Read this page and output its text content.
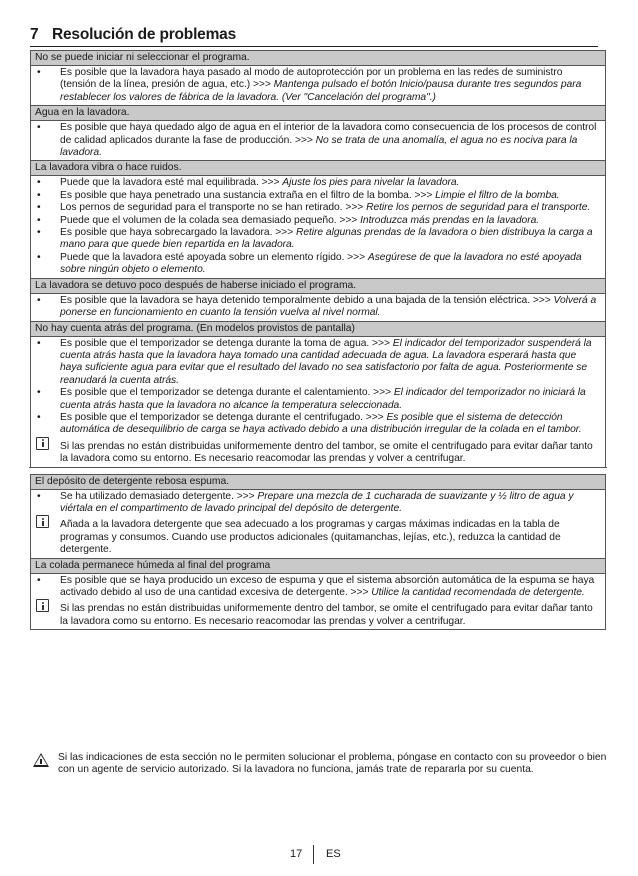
7 Resolución de problemas
No se puede iniciar ni seleccionar el programa.
• Es posible que la lavadora haya pasado al modo de autoprotección por un problema en las redes de suministro (tensión de la línea, presión de agua, etc.) >>> Mantenga pulsado el botón Inicio/pausa durante tres segundos para restablecer los valores de fábrica de la lavadora. (Ver "Cancelación del programa".)
Agua en la lavadora.
• Es posible que haya quedado algo de agua en el interior de la lavadora como consecuencia de los procesos de control de calidad aplicados durante la fase de producción. >>> No se trata de una anomalía, el agua no es nociva para la lavadora.
La lavadora vibra o hace ruidos.
• Puede que la lavadora esté mal equilibrada. >>> Ajuste los pies para nivelar la lavadora.
• Es posible que haya penetrado una sustancia extraña en el filtro de la bomba. >>> Limpie el filtro de la bomba.
• Los pernos de seguridad para el transporte no se han retirado. >>> Retire los pernos de seguridad para el transporte.
• Puede que el volumen de la colada sea demasiado pequeño. >>> Introduzca más prendas en la lavadora.
• Es posible que haya sobrecargado la lavadora. >>> Retire algunas prendas de la lavadora o bien distribuya la carga a mano para que quede bien repartida en la lavadora.
• Puede que la lavadora esté apoyada sobre un elemento rígido. >>> Asegúrese de que la lavadora no esté apoyada sobre ningún objeto o elemento.
La lavadora se detuvo poco después de haberse iniciado el programa.
• Es posible que la lavadora se haya detenido temporalmente debido a una bajada de la tensión eléctrica. >>> Volverá a ponerse en funcionamiento en cuanto la tensión vuelva al nivel normal.
No hay cuenta atrás del programa. (En modelos provistos de pantalla)
• Es posible que el temporizador se detenga durante la toma de agua. >>> El indicador del temporizador suspenderá la cuenta atrás hasta que la lavadora haya tomado una cantidad adecuada de agua. La lavadora esperará hasta que haya suficiente agua para evitar que el resultado del lavado no sea satisfactorio por falta de agua. Posteriormente se reanudará la cuenta atrás.
• Es posible que el temporizador se detenga durante el calentamiento. >>> El indicador del temporizador no iniciará la cuenta atrás hasta que la lavadora no alcance la temperatura seleccionada.
• Es posible que el temporizador se detenga durante el centrifugado. >>> Es posible que el sistema de detección automática de desequilibrio de carga se haya activado debido a una distribución irregular de la colada en el tambor.
Si las prendas no están distribuidas uniformemente dentro del tambor, se omite el centrifugado para evitar dañar tanto la lavadora como su entorno. Es necesario reacomodar las prendas y volver a centrifugar.
El depósito de detergente rebosa espuma.
• Se ha utilizado demasiado detergente. >>> Prepare una mezcla de 1 cucharada de suavizante y ½ litro de agua y viértala en el compartimento de lavado principal del depósito de detergente.
Añada a la lavadora detergente que sea adecuado a los programas y cargas máximas indicadas en la tabla de programas y consumos. Cuando use productos adicionales (quitamanchas, lejías, etc.), reduzca la cantidad de detergente.
La colada permanece húmeda al final del programa
• Es posible que se haya producido un exceso de espuma y que el sistema absorción automática de la espuma se haya activado debido al uso de una cantidad excesiva de detergente. >>> Utilice la cantidad recomendada de detergente.
Si las prendas no están distribuidas uniformemente dentro del tambor, se omite el centrifugado para evitar dañar tanto la lavadora como su entorno. Es necesario reacomodar las prendas y volver a centrifugar.
Si las indicaciones de esta sección no le permiten solucionar el problema, póngase en contacto con su proveedor o bien con un agente de servicio autorizado. Si la lavadora no funciona, jamás trate de repararla por su cuenta.
17 ES
